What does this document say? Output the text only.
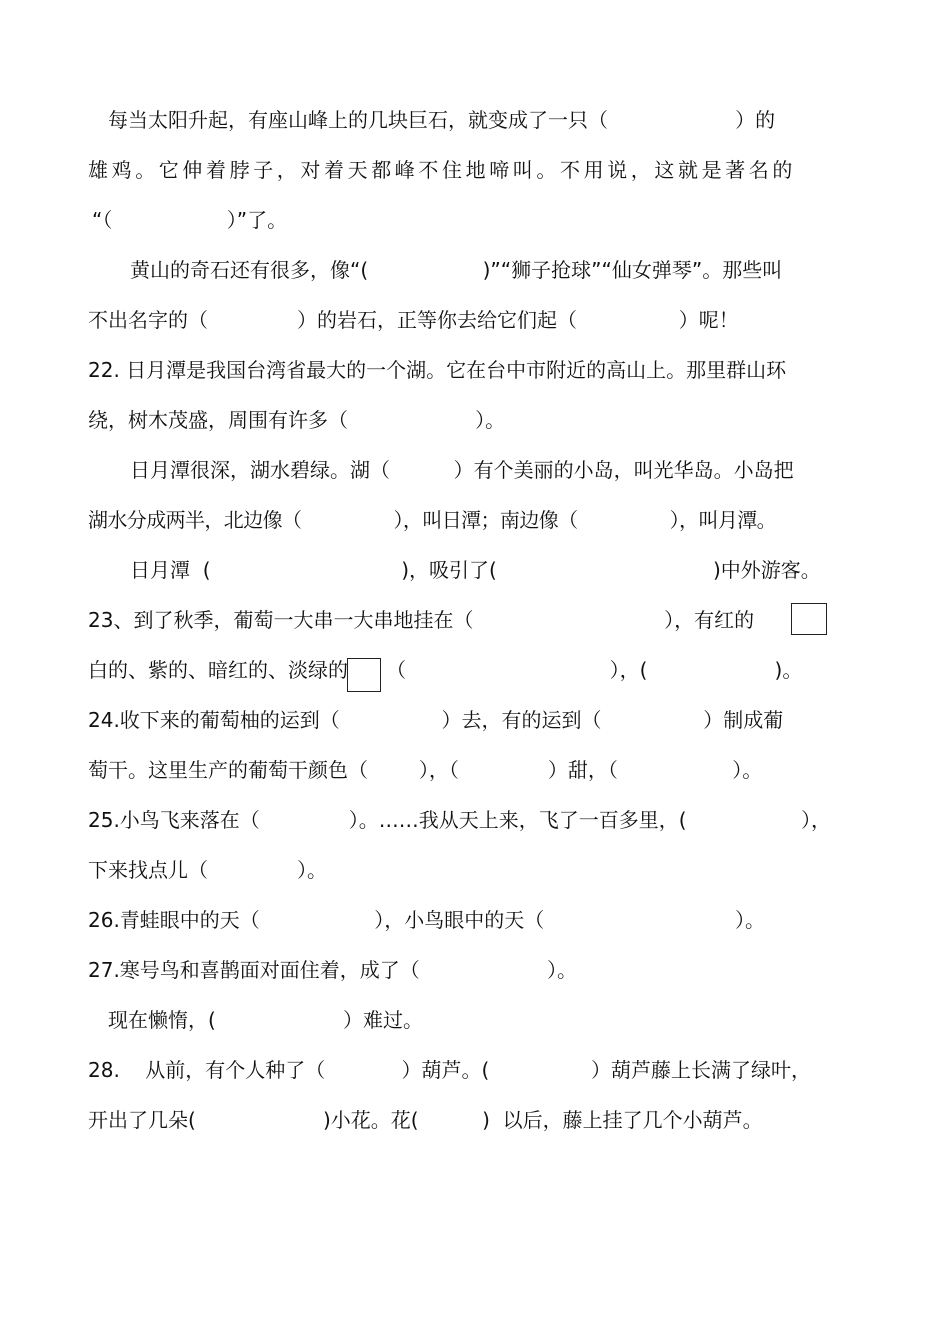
每当太阳升起，有座山峰上的几块巨石，就变成了一只（                    ）的
雄鸡。它伸着脖子，对着天都峰不住地啼叫。不用说，这就是著名的
“（                  ）”了。
黄山的奇石还有很多，像“(                  )”“狮子抢球”“仙女弹琴”。那些叫
不出名字的（              ）的岩石，正等你去给它们起（                ）呢！
22. 日月潭是我国台湾省最大的一个湖。它在台中市附近的高山上。那里群山环
绕，树木茂盛，周围有许多（                    ）。
日月潭很深，湖水碧绿。湖（          ）有个美丽的小岛，叫光华岛。小岛把
湖水分成两半，北边像（                ），叫日潭；南边像（                ），叫月潭。
日月潭  (                              )，吸引了(                                  )中外游客。
23、到了秋季，葡萄一大串一大串地挂在（                              ），有红的
白的、紫的、暗红的、淡绿的      （                                ），(                    )。
24.收下来的葡萄柚的运到（                ）去，有的运到（                ）制成葡
萄干。这里生产的葡萄干颜色（        ），（              ）甜，（                  ）。
25.小鸟飞来落在（              ）。……我从天上来，飞了一百多里，(                  ），
下来找点儿（              ）。
26.青蛙眼中的天（                  ），小鸟眼中的天（                              ）。
27.寒号鸟和喜鹊面对面住着，成了（                    ）。
现在懒惰，(                    ）难过。
28.    从前，有个人种了（            ）葫芦。(                ）葫芦藤上长满了绿叶，
开出了几朵(                    )小花。花(          )  以后，藤上挂了几个小葫芦。
